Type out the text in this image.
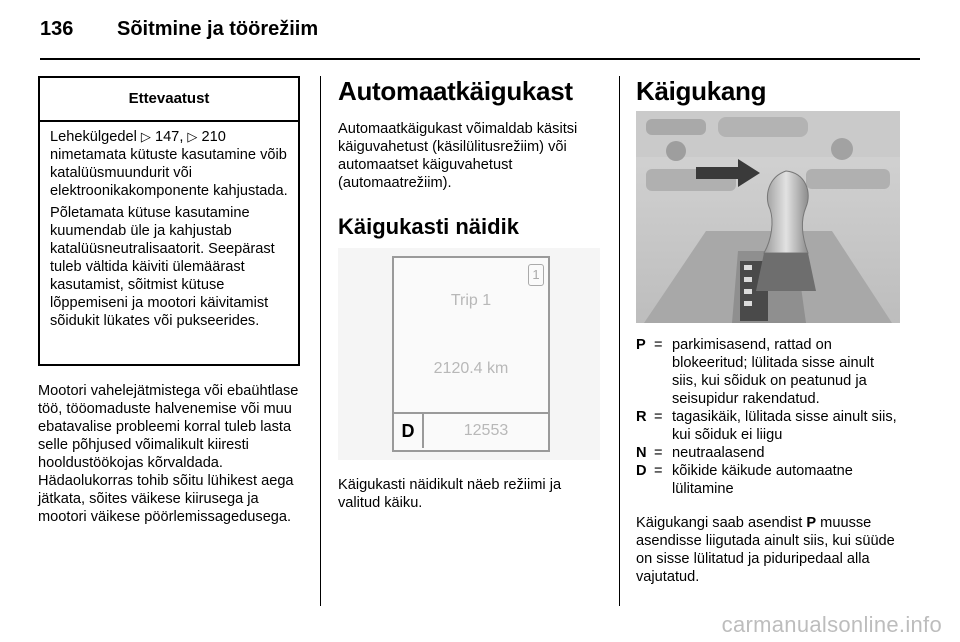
136 Sõitmine ja töörežiim
Ettevaatust

Lehekülgedel ▷ 147, ▷ 210 nimetamata kütuste kasutamine võib katalüüsmuundurit või elektroonikakomponente kahjustada.

Põletamata kütuse kasutamine kuumendab üle ja kahjustab katalüüsneutralisaatorit. Seepärast tuleb vältida käiviti ülemäärast kasutamist, sõitmist kütuse lõppemiseni ja mootori käivitamist sõidukit lükates või pukseerides.

Mootori vahelejätmistega või ebaühtlase töö, tööomaduste halvenemise või muu ebatavalise probleemi korral tuleb lasta selle põhjused võimalikult kiiresti hooldustöökojas kõrvaldada. Hädaolukorras tohib sõitu lühikest aega jätkata, sõites väikese kiirusega ja mootori väikese pöörlemissagedusega.

Automaatkäigukast

Automaatkäigukast võimaldab käsitsi käiguvahetust (käsilülitusrežiim) või automaatset käiguvahetust (automaatrežiim).

Käigukasti näidik
1
Trip 1
2120.4 km
D	12553

Käigukasti näidikult näeb režiimi ja valitud käiku.

Käigukang
P = parkimisasend, rattad on blokeeritud; lülitada sisse ainult siis, kui sõiduk on peatunud ja seisupidur rakendatud.
R = tagasikäik, lülitada sisse ainult siis, kui sõiduk ei liigu
N = neutraalasend
D = kõikide käikude automaatne lülitamine

Käigukangi saab asendist P muusse asendisse liigutada ainult siis, kui süüde on sisse lülitatud ja piduripedaal alla vajutatud.

carmanualsonline.info
